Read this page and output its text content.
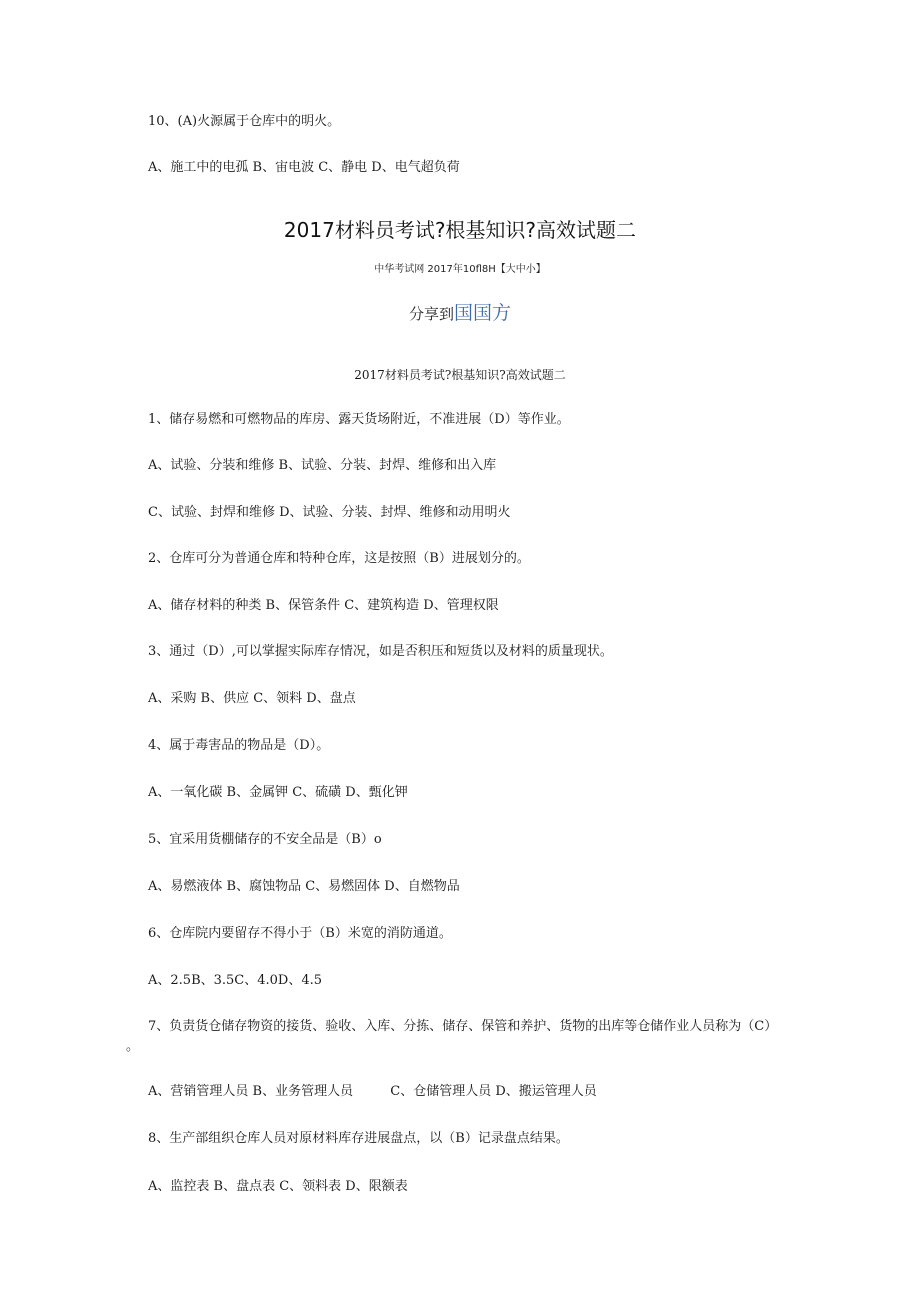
10、(A)火源属于仓库中的明火。
A、施工中的电孤 B、宙电波 C、静电 D、电气超负荷
2017材料员考试?根基知识?高效试题二
中华考试网 2017年10fl8H【大中小】
分享到国国方
2017材料员考试?根基知识?高效试题二
1、储存易燃和可燃物品的库房、露天货场附近，不准进展（D）等作业。
A、试验、分装和维修 B、试验、分装、封焊、维修和出入库
C、试验、封焊和维修 D、试验、分装、封焊、维修和动用明火
2、仓库可分为普通仓库和特种仓库，这是按照（B）进展划分的。
A、储存材料的种类 B、保管条件 C、建筑构造 D、管理权限
3、通过（D）,可以掌握实际库存情况，如是否积压和短货以及材料的质量现状。
A、采购 B、供应 C、领料 D、盘点
4、属于毒害品的物品是（D）。
A、一氧化碳 B、金属钾 C、硫磺 D、甄化钾
5、宜采用货棚储存的不安全品是（B）o
A、易燃液体 B、腐蚀物品 C、易燃固体 D、自燃物品
6、仓库院内要留存不得小于（B）米宽的消防通道。
A、2.5B、3.5C、4.0D、4.5
7、负责货仓储存物资的接货、验收、入库、分拣、储存、保管和养护、货物的出库等仓储作业人员称为（C）
。
A、营销管理人员 B、业务管理人员         C、仓储管理人员 D、搬运管理人员
8、生产部组织仓库人员对原材料库存进展盘点，以（B）记录盘点结果。
A、监控表 B、盘点表 C、领料表 D、限额表
